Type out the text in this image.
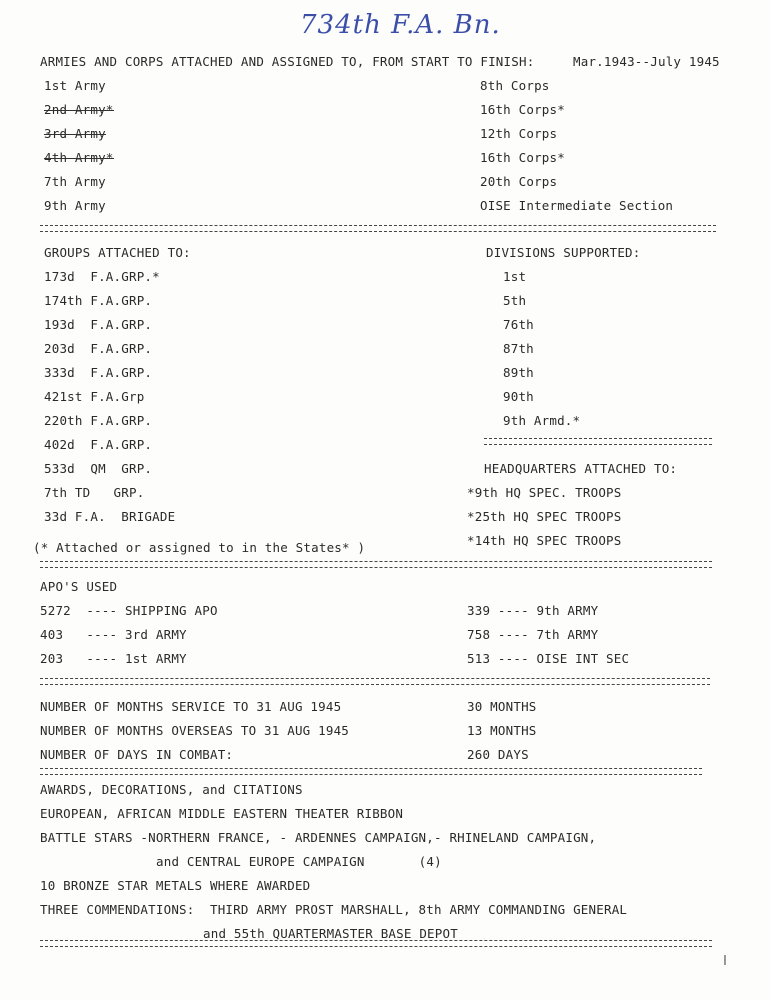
734th F.A. Bn.
ARMIES AND CORPS ATTACHED AND ASSIGNED TO, FROM START TO FINISH:	Mar.1943--July 1945
1st Army
2nd Army*
3rd Army
4th Army*
7th Army
9th Army
8th Corps
16th Corps*
12th Corps
16th Corps*
20th Corps
OISE Intermediate Section
GROUPS ATTACHED TO:
173d  F.A.GRP.*
174th F.A.GRP.
193d  F.A.GRP.
203d  F.A.GRP.
333d  F.A.GRP.
421st F.A.Grp
220th F.A.GRP.
402d  F.A.GRP.
533d  QM  GRP.
7th TD   GRP.
33d F.A.  BRIGADE
(* Attached or assigned to in the States* )
DIVISIONS SUPPORTED:
1st
5th
76th
87th
89th
90th
9th Armd.*
HEADQUARTERS ATTACHED TO:
*9th HQ SPEC. TROOPS
*25th HQ SPEC TROOPS
*14th HQ SPEC TROOPS
APO'S USED
5272  ---- SHIPPING APO
403   ---- 3rd ARMY
203   ---- 1st ARMY
339 ---- 9th ARMY
758 ---- 7th ARMY
513 ---- OISE INT SEC
NUMBER OF MONTHS SERVICE TO 31 AUG 1945
NUMBER OF MONTHS OVERSEAS TO 31 AUG 1945
NUMBER OF DAYS IN COMBAT:
30 MONTHS
13 MONTHS
260 DAYS
AWARDS, DECORATIONS, and CITATIONS
EUROPEAN, AFRICAN MIDDLE EASTERN THEATER RIBBON
BATTLE STARS -NORTHERN FRANCE, - ARDENNES CAMPAIGN,- RHINELAND CAMPAIGN,
and CENTRAL EUROPE CAMPAIGN       (4)
10 BRONZE STAR METALS WHERE AWARDED
THREE COMMENDATIONS:  THIRD ARMY PROST MARSHALL, 8th ARMY COMMANDING GENERAL
and 55th QUARTERMASTER BASE DEPOT
